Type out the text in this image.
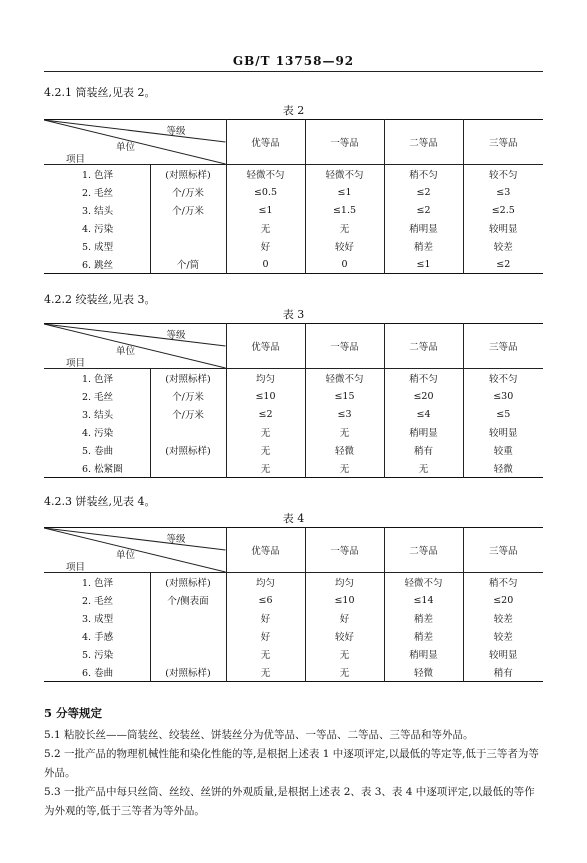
GB/T 13758—92
4.2.1 筒装丝,见表 2。
表 2
等级
单位
项目		优等品	一等品	二等品	三等品
1. 色泽	(对照标样)	轻微不匀	轻微不匀	稍不匀	较不匀
2. 毛丝	个/万米	≤0.5	≤1	≤2	≤3
3. 结头	个/万米	≤1	≤1.5	≤2	≤2.5
4. 污染		无	无	稍明显	较明显
5. 成型		好	较好	稍差	较差
6. 跳丝	个/筒	0	0	≤1	≤2
4.2.2 绞装丝,见表 3。
表 3
等级
单位
项目		优等品	一等品	二等品	三等品
1. 色泽	(对照标样)	均匀	轻微不匀	稍不匀	较不匀
2. 毛丝	个/万米	≤10	≤15	≤20	≤30
3. 结头	个/万米	≤2	≤3	≤4	≤5
4. 污染		无	无	稍明显	较明显
5. 卷曲	(对照标样)	无	轻微	稍有	较重
6. 松紧圈		无	无	无	轻微
4.2.3 饼装丝,见表 4。
表 4
等级
单位
项目		优等品	一等品	二等品	三等品
1. 色泽	(对照标样)	均匀	均匀	轻微不匀	稍不匀
2. 毛丝	个/侧表面	≤6	≤10	≤14	≤20
3. 成型		好	好	稍差	较差
4. 手感		好	较好	稍差	较差
5. 污染		无	无	稍明显	较明显
6. 卷曲	(对照标样)	无	无	轻微	稍有
5 分等规定
5.1 粘胶长丝——筒装丝、绞装丝、饼装丝分为优等品、一等品、二等品、三等品和等外品。
5.2 一批产品的物理机械性能和染化性能的等,是根据上述表 1 中逐项评定,以最低的等定等,低于三等者为等外品。
5.3 一批产品中每只丝筒、丝绞、丝饼的外观质量,是根据上述表 2、表 3、表 4 中逐项评定,以最低的等作为外观的等,低于三等者为等外品。
